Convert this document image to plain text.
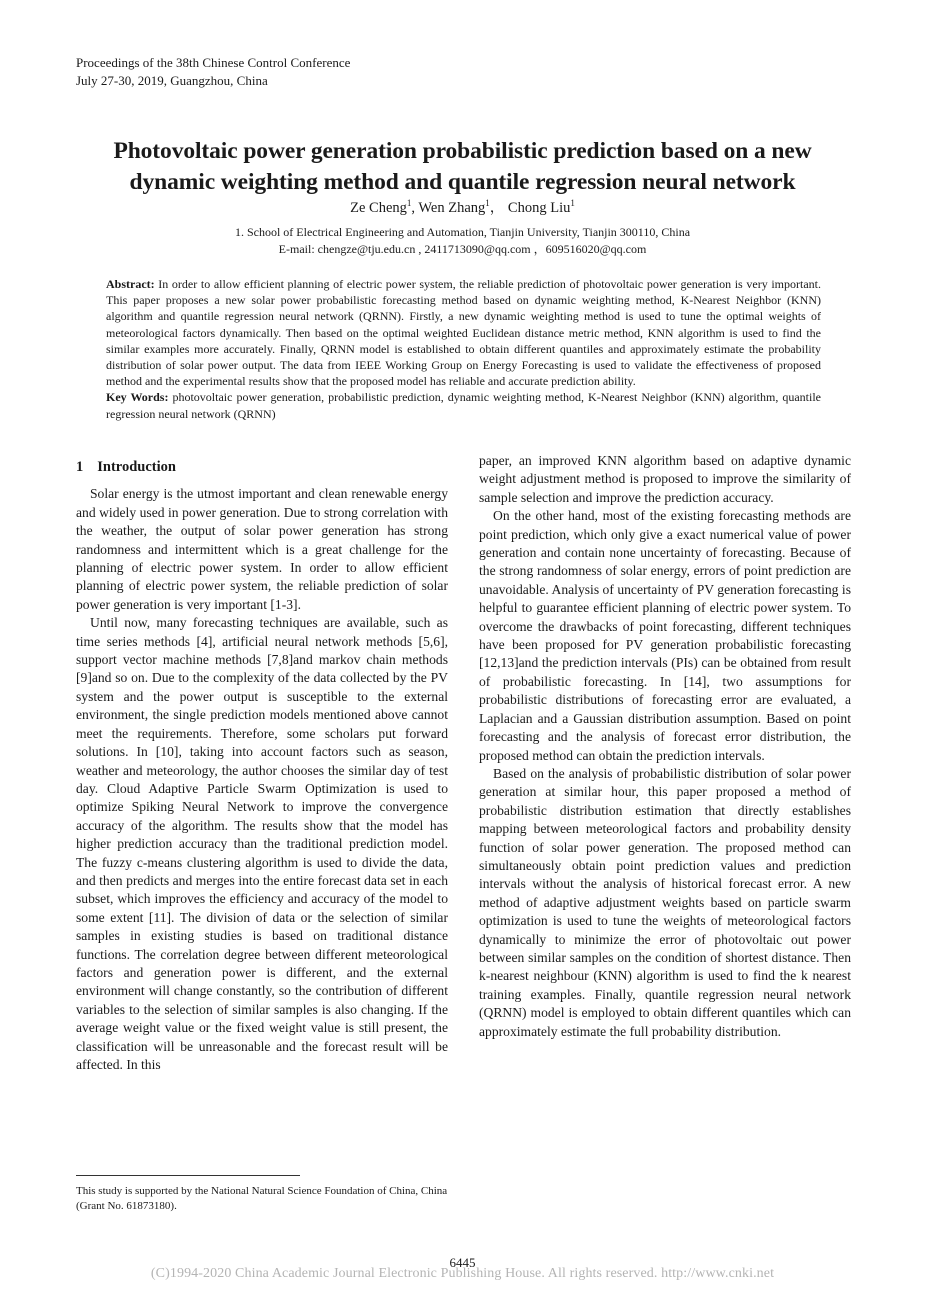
Proceedings of the 38th Chinese Control Conference
July 27-30, 2019, Guangzhou, China
Photovoltaic power generation probabilistic prediction based on a new
dynamic weighting method and quantile regression neural network
Ze Cheng$^1$, Wen Zhang$^1$， Chong Liu$^1$
1. School of Electrical Engineering and Automation, Tianjin University, Tianjin 300110, China
E-mail: chengze@tju.edu.cn , 2411713090@qq.com ，609516020@qq.com

Abstract: In order to allow efficient planning of electric power system, the reliable prediction of photovoltaic power generation is very important. This paper proposes a new solar power probabilistic forecasting method based on dynamic weighting method, K-Nearest Neighbor (KNN) algorithm and quantile regression neural network (QRNN). Firstly, a new dynamic weighting method is used to tune the optimal weights of meteorological factors dynamically. Then based on the optimal weighted Euclidean distance metric method, KNN algorithm is used to find the similar examples more accurately. Finally, QRNN model is established to obtain different quantiles and approximately estimate the probability distribution of solar power output. The data from IEEE Working Group on Energy Forecasting is used to validate the effectiveness of proposed method and the experimental results show that the proposed model has reliable and accurate prediction ability.

Key Words: photovoltaic power generation, probabilistic prediction, dynamic weighting method, K-Nearest Neighbor (KNN) algorithm, quantile regression neural network (QRNN)

1 Introduction

Solar energy is the utmost important and clean renewable energy and widely used in power generation. Due to strong correlation with the weather, the output of solar power generation has strong randomness and intermittent which is a great challenge for the planning of electric power system. In order to allow efficient planning of electric power system, the reliable prediction of solar power generation is very important [1-3].

Until now, many forecasting techniques are available, such as time series methods [4], artificial neural network methods [5,6], support vector machine methods [7,8]and markov chain methods [9]and so on. Due to the complexity of the data collected by the PV system and the power output is susceptible to the external environment, the single prediction models mentioned above cannot meet the requirements. Therefore, some scholars put forward solutions. In [10], taking into account factors such as season, weather and meteorology, the author chooses the similar day of test day. Cloud Adaptive Particle Swarm Optimization is used to optimize Spiking Neural Network to improve the convergence accuracy of the algorithm. The results show that the model has higher prediction accuracy than the traditional prediction model. The fuzzy c-means clustering algorithm is used to divide the data, and then predicts and merges into the entire forecast data set in each subset, which improves the efficiency and accuracy of the model to some extent [11]. The division of data or the selection of similar samples in existing studies is based on traditional distance functions. The correlation degree between different meteorological factors and generation power is different, and the external environment will change constantly, so the contribution of different variables to the selection of similar samples is also changing. If the average weight value or the fixed weight value is still present, the classification will be unreasonable and the forecast result will be affected. In this

paper, an improved KNN algorithm based on adaptive dynamic weight adjustment method is proposed to improve the similarity of sample selection and improve the prediction accuracy.

On the other hand, most of the existing forecasting methods are point prediction, which only give a exact numerical value of power generation and contain none uncertainty of forecasting. Because of the strong randomness of solar energy, errors of point prediction are unavoidable. Analysis of uncertainty of PV generation forecasting is helpful to guarantee efficient planning of electric power system. To overcome the drawbacks of point forecasting, different techniques have been proposed for PV generation probabilistic forecasting [12,13]and the prediction intervals (PIs) can be obtained from result of probabilistic forecasting. In [14], two assumptions for probabilistic distributions of forecasting error are evaluated, a Laplacian and a Gaussian distribution assumption. Based on point forecasting and the analysis of forecast error distribution, the proposed method can obtain the prediction intervals.

Based on the analysis of probabilistic distribution of solar power generation at similar hour, this paper proposed a method of probabilistic distribution estimation that directly establishes mapping between meteorological factors and probability density function of solar power generation. The proposed method can simultaneously obtain point prediction values and prediction intervals without the analysis of historical forecast error. A new method of adaptive adjustment weights based on particle swarm optimization is used to tune the weights of meteorological factors dynamically to minimize the error of photovoltaic out power between similar samples on the condition of shortest distance. Then k-nearest neighbour (KNN) algorithm is used to find the k nearest training examples. Finally, quantile regression neural network (QRNN) model is employed to obtain different quantiles which can approximately estimate the full probability distribution.

This study is supported by the National Natural Science Foundation of China, China (Grant No. 61873180).
6445
(C)1994-2020 China Academic Journal Electronic Publishing House. All rights reserved. http://www.cnki.net
